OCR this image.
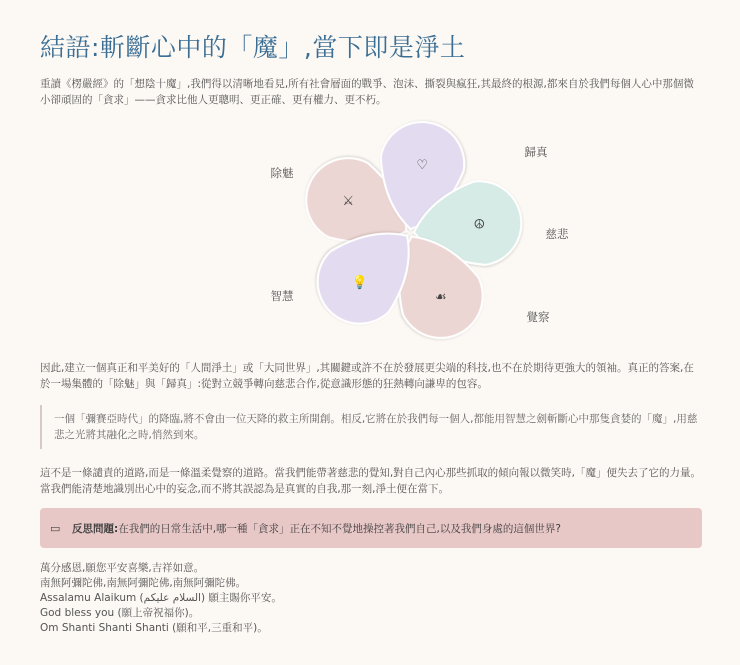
結語:斬斷心中的「魔」,當下即是淨土

重讀《楞嚴經》的「想陰十魔」,我們得以清晰地看見,所有社會層面的戰爭、泡沫、撕裂與瘋狂,其最終的根源,都來自於我們每個人心中那個微小卻頑固的「貪求」——貪求比他人更聰明、更正確、更有權力、更不朽。

⚔
♡
☮
☙
💡
除魅
歸真
慈悲
覺察
智慧

因此,建立一個真正和平美好的「人間淨土」或「大同世界」,其關鍵或許不在於發展更尖端的科技,也不在於期待更強大的領袖。真正的答案,在於一場集體的「除魅」與「歸真」:從對立競爭轉向慈悲合作,從意識形態的狂熱轉向謙卑的包容。

一個「彌賽亞時代」的降臨,將不會由一位天降的救主所開創。相反,它將在於我們每一個人,都能用智慧之劍斬斷心中那隻貪婪的「魔」,用慈悲之光將其融化之時,悄然到來。

這不是一條譴責的道路,而是一條溫柔覺察的道路。當我們能帶著慈悲的覺知,對自己內心那些抓取的傾向報以微笑時,「魔」便失去了它的力量。當我們能清楚地識別出心中的妄念,而不將其誤認為是真實的自我,那一刻,淨土便在當下。

▭	反思問題: 在我們的日常生活中,哪一種「貪求」正在不知不覺地操控著我們自己,以及我們身處的這個世界?
萬分感恩,願您平安喜樂,吉祥如意。
南無阿彌陀佛,南無阿彌陀佛,南無阿彌陀佛。
Assalamu Alaikum (السلام عليكم) 願主賜你平安。
God bless you (願上帝祝福你)。
Om Shanti Shanti Shanti (願和平,三重和平)。
